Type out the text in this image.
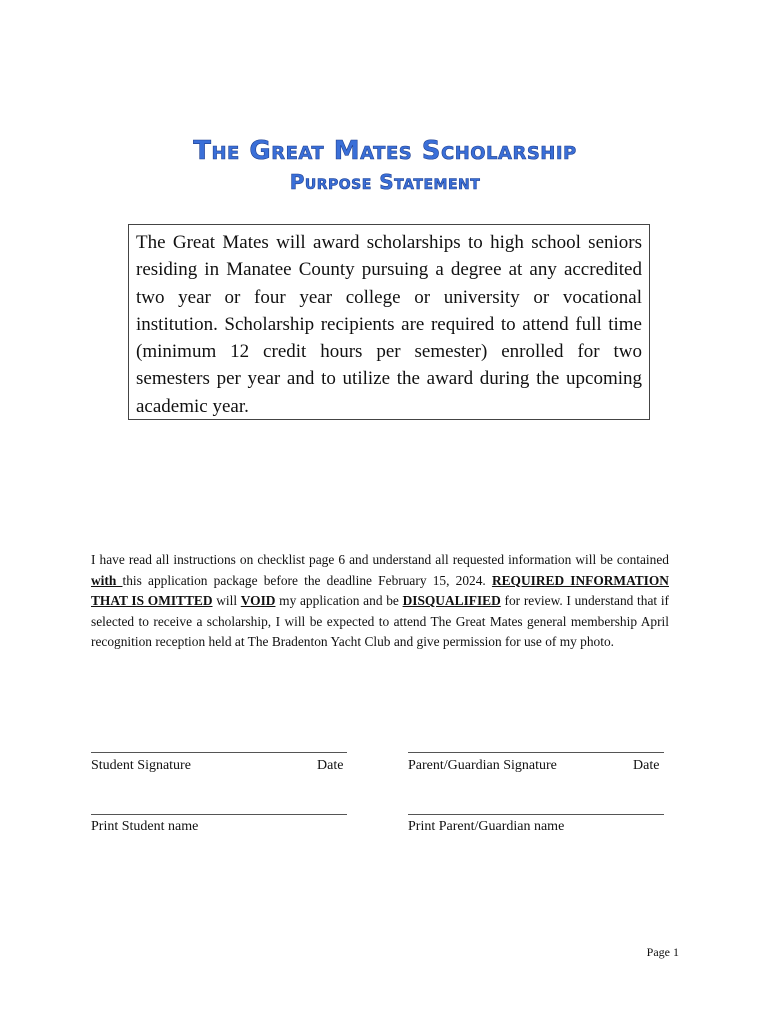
The Great Mates Scholarship
Purpose Statement

The Great Mates will award scholarships to high school seniors residing in Manatee County pursuing a degree at any accredited two year or four year college or university or vocational institution. Scholarship recipients are required to attend full time (minimum 12 credit hours per semester) enrolled for two semesters per year and to utilize the award during the upcoming academic year.

I have read all instructions on checklist page 6 and understand all requested information will be contained with this application package before the deadline February 15, 2024. REQUIRED INFORMATION THAT IS OMITTED will VOID my application and be DISQUALIFIED for review. I understand that if selected to receive a scholarship, I will be expected to attend The Great Mates general membership April recognition reception held at The Bradenton Yacht Club and give permission for use of my photo.

Student Signature	Date	Parent/Guardian Signature	Date
Print Student name	Print Parent/Guardian name
Page 1
